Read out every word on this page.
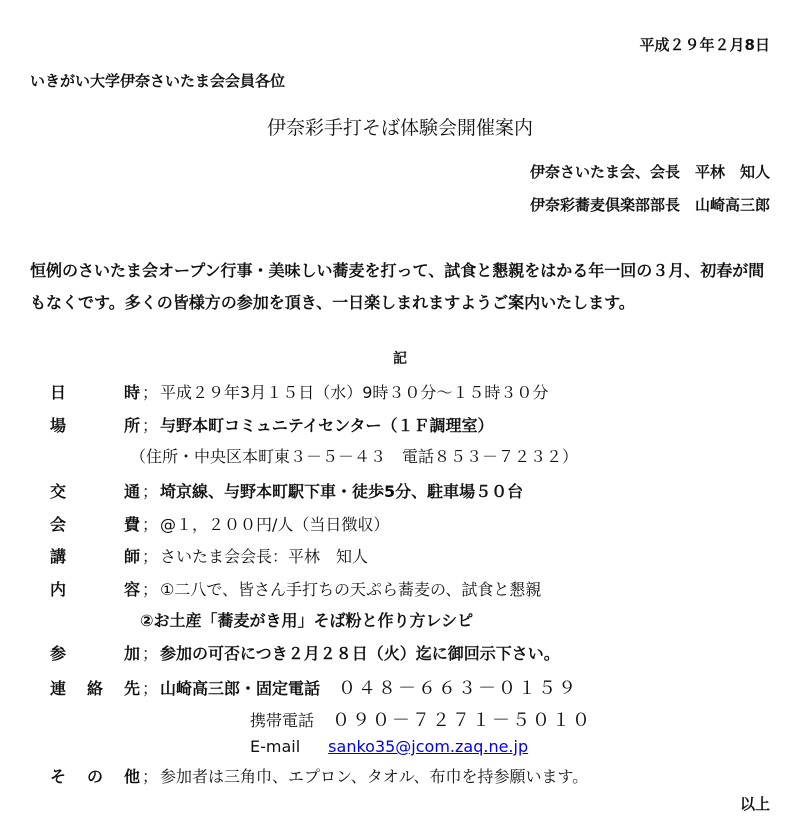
平成２９年２月8日
いきがい大学伊奈さいたま会会員各位
伊奈彩手打そば体験会開催案内
伊奈さいたま会、会長　平林　知人
伊奈彩蕎麦倶楽部部長　山崎高三郎
恒例のさいたま会オープン行事・美味しい蕎麦を打って、試食と懇親をはかる年一回の３月、初春が間もなくです。多くの皆様方の参加を頂き、一日楽しまれますようご案内いたします。
記
日	時 ； 平成２９年3月１５日（水）9時３０分～１５時３０分
場	所 ； 与野本町コミュニテイセンター（１Ｆ調理室）
（住所・中央区本町東３－５－４３　電話８５３－７２３２）
交	通 ； 埼京線、与野本町駅下車・徒歩5分、駐車場５０台
会	費 ； @１，２００円/人（当日徴収）
講	師 ； さいたま会会長：平林　知人
内	容 ； ①二八で、皆さん手打ちの天ぷら蕎麦の、試食と懇親
②お土産「蕎麦がき用」そば粉と作り方レシピ
参	加 ； 参加の可否につき２月２８日（火）迄に御回示下さい。
連 絡 先 ； 山崎高三郎・固定電話 ０４８－６６３－０１５９
携帯電話 ０９０－７２７１－５０１０
E-mail sanko35@jcom.zaq.ne.jp
そ の 他 ； 参加者は三角巾、エプロン、タオル、布巾を持参願います。
以上
